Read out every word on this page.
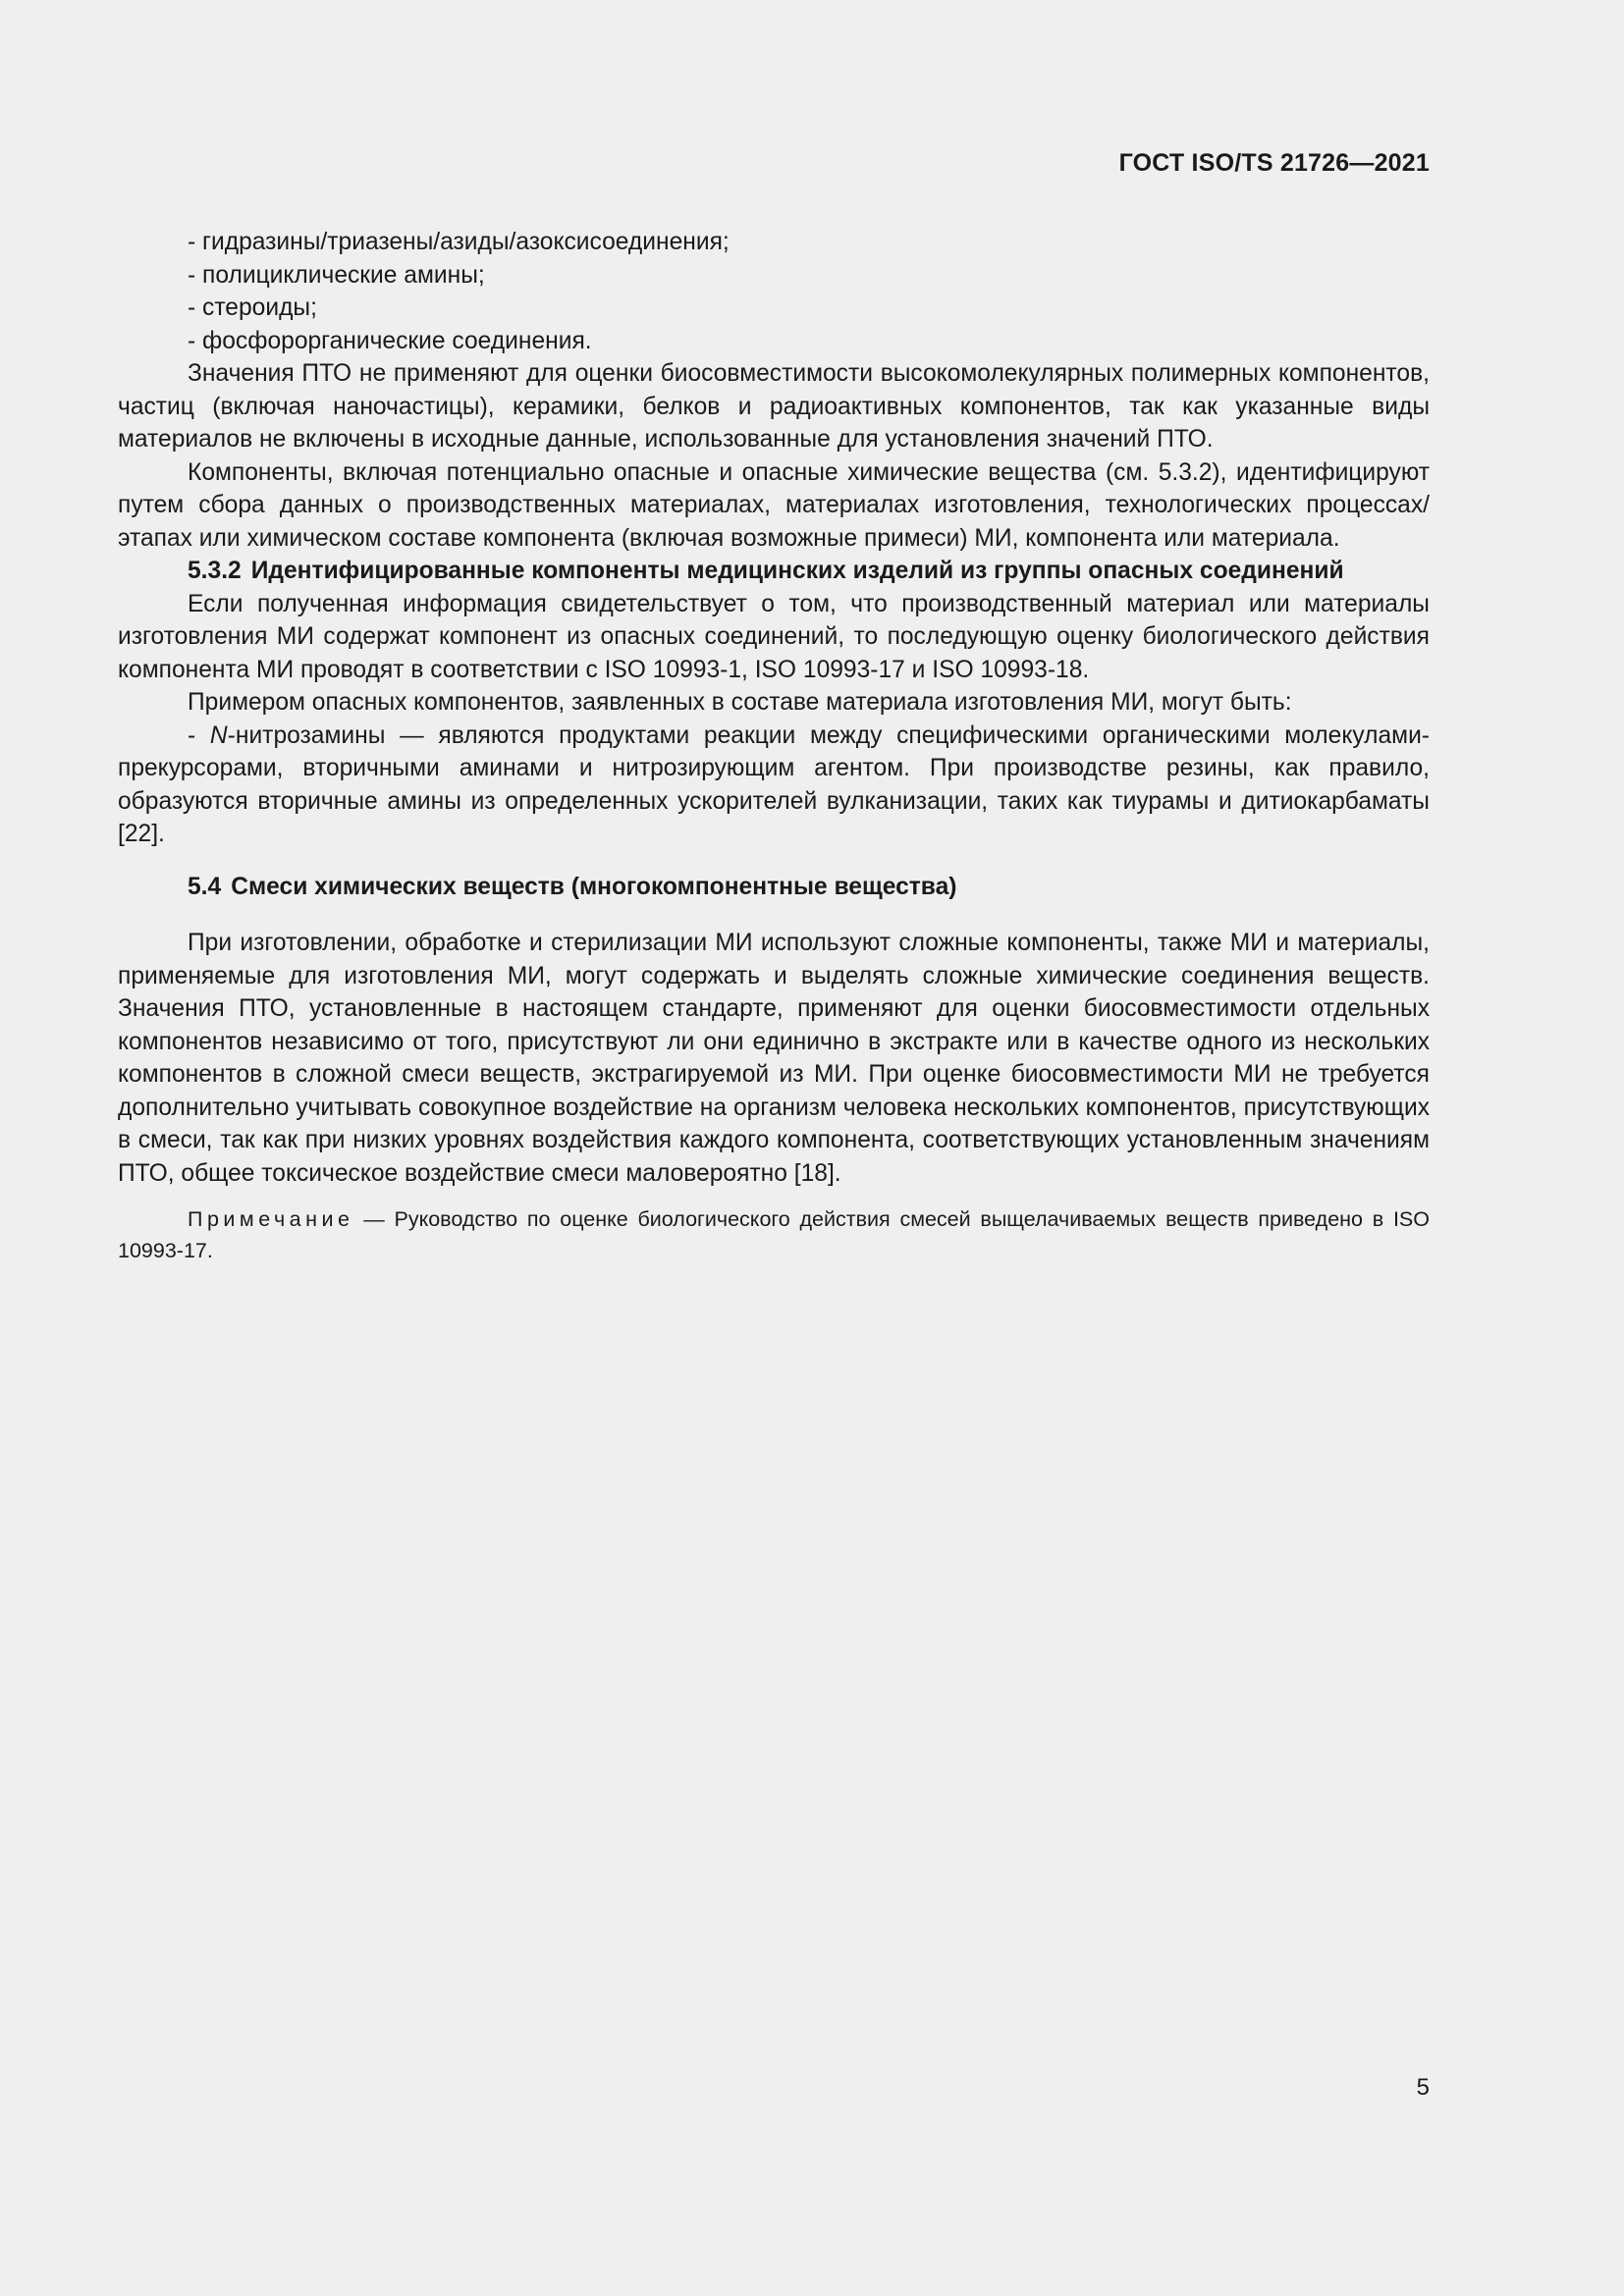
ГОСТ ISO/TS 21726—2021

- гидразины/триазены/азиды/азоксисоединения;

- полициклические амины;

- стероиды;

- фосфорорганические соединения.

Значения ПТО не применяют для оценки биосовместимости высокомолекулярных полимерных компонентов, частиц (включая наночастицы), керамики, белков и радиоактивных компонентов, так как указанные виды материалов не включены в исходные данные, использованные для установления значений ПТО.

Компоненты, включая потенциально опасные и опасные химические вещества (см. 5.3.2), идентифицируют путем сбора данных о производственных материалах, материалах изготовления, технологических процессах/этапах или химическом составе компонента (включая возможные примеси) МИ, компонента или материала.

5.3.2 Идентифицированные компоненты медицинских изделий из группы опасных соединений

Если полученная информация свидетельствует о том, что производственный материал или материалы изготовления МИ содержат компонент из опасных соединений, то последующую оценку биологического действия компонента МИ проводят в соответствии с ISO 10993-1, ISO 10993-17 и ISO 10993-18.

Примером опасных компонентов, заявленных в составе материала изготовления МИ, могут быть:

- N-нитрозамины — являются продуктами реакции между специфическими органическими молекулами-прекурсорами, вторичными аминами и нитрозирующим агентом. При производстве резины, как правило, образуются вторичные амины из определенных ускорителей вулканизации, таких как тиурамы и дитиокарбаматы [22].

5.4 Смеси химических веществ (многокомпонентные вещества)

При изготовлении, обработке и стерилизации МИ используют сложные компоненты, также МИ и материалы, применяемые для изготовления МИ, могут содержать и выделять сложные химические соединения веществ. Значения ПТО, установленные в настоящем стандарте, применяют для оценки биосовместимости отдельных компонентов независимо от того, присутствуют ли они единично в экстракте или в качестве одного из нескольких компонентов в сложной смеси веществ, экстрагируемой из МИ. При оценке биосовместимости МИ не требуется дополнительно учитывать совокупное воздействие на организм человека нескольких компонентов, присутствующих в смеси, так как при низких уровнях воздействия каждого компонента, соответствующих установленным значениям ПТО, общее токсическое воздействие смеси маловероятно [18].

Примечание — Руководство по оценке биологического действия смесей выщелачиваемых веществ приведено в ISO 10993-17.

5
